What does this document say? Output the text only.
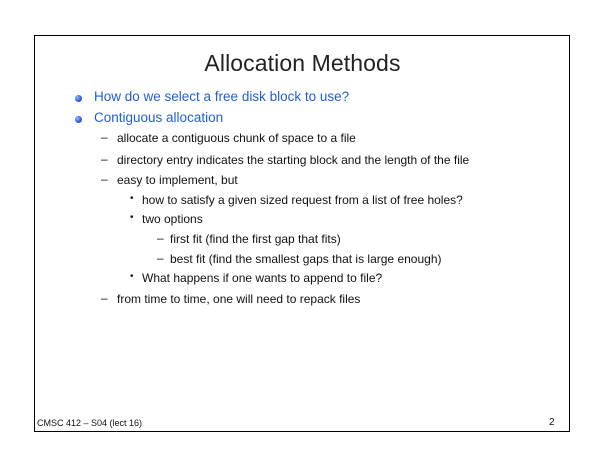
Allocation Methods
How do we select a free disk block to use?
Contiguous allocation
– allocate a contiguous chunk of space to a file
– directory entry indicates the starting block and the length of the file
– easy to implement, but
• how to satisfy a given sized request from a list of free holes?
• two options
– first fit (find the first gap that fits)
– best fit (find the smallest gaps that is large enough)
• What happens if one wants to append to file?
– from time to time, one will need to repack files
CMSC 412 – S04 (lect 16)	2
